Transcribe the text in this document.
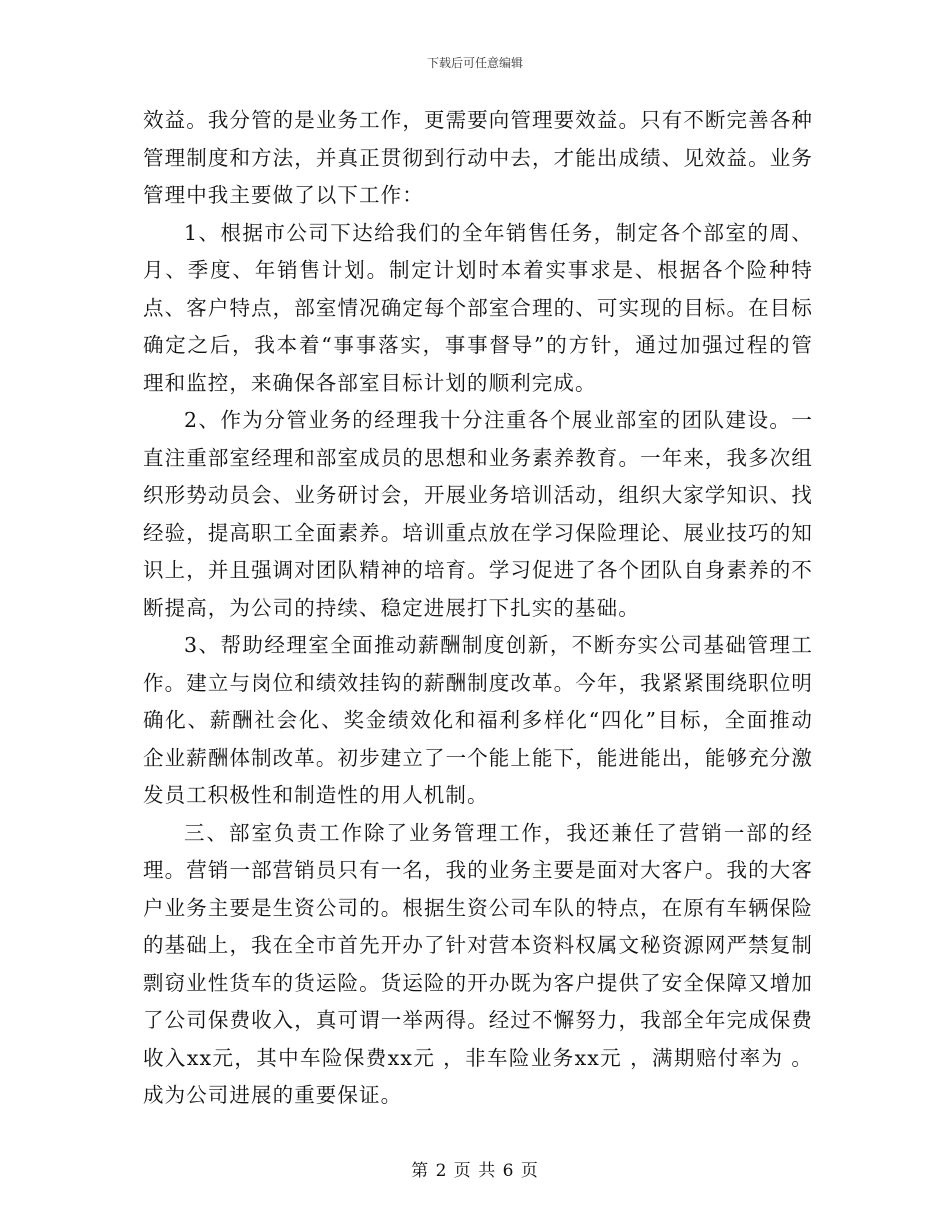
下载后可任意编辑

效益。我分管的是业务工作，更需要向管理要效益。只有不断完善各种管理制度和方法，并真正贯彻到行动中去，才能出成绩、见效益。业务管理中我主要做了以下工作：

1、根据市公司下达给我们的全年销售任务，制定各个部室的周、月、季度、年销售计划。制定计划时本着实事求是、根据各个险种特点、客户特点，部室情况确定每个部室合理的、可实现的目标。在目标确定之后，我本着“事事落实，事事督导”的方针，通过加强过程的管理和监控，来确保各部室目标计划的顺利完成。

2、作为分管业务的经理我十分注重各个展业部室的团队建设。一直注重部室经理和部室成员的思想和业务素养教育。一年来，我多次组织形势动员会、业务研讨会，开展业务培训活动，组织大家学知识、找经验，提高职工全面素养。培训重点放在学习保险理论、展业技巧的知识上，并且强调对团队精神的培育。学习促进了各个团队自身素养的不断提高，为公司的持续、稳定进展打下扎实的基础。

3、帮助经理室全面推动薪酬制度创新，不断夯实公司基础管理工作。建立与岗位和绩效挂钩的薪酬制度改革。今年，我紧紧围绕职位明确化、薪酬社会化、奖金绩效化和福利多样化“四化”目标，全面推动企业薪酬体制改革。初步建立了一个能上能下，能进能出，能够充分激发员工积极性和制造性的用人机制。

三、部室负责工作除了业务管理工作，我还兼任了营销一部的经理。营销一部营销员只有一名，我的业务主要是面对大客户。我的大客户业务主要是生资公司的。根据生资公司车队的特点，在原有车辆保险的基础上，我在全市首先开办了针对营本资料权属文秘资源网严禁复制剽窃业性货车的货运险。货运险的开办既为客户提供了安全保障又增加了公司保费收入，真可谓一举两得。经过不懈努力，我部全年完成保费收入xx元，其中车险保费xx元 ，非车险业务xx元 ，满期赔付率为 。成为公司进展的重要保证。

第 2 页 共 6 页
